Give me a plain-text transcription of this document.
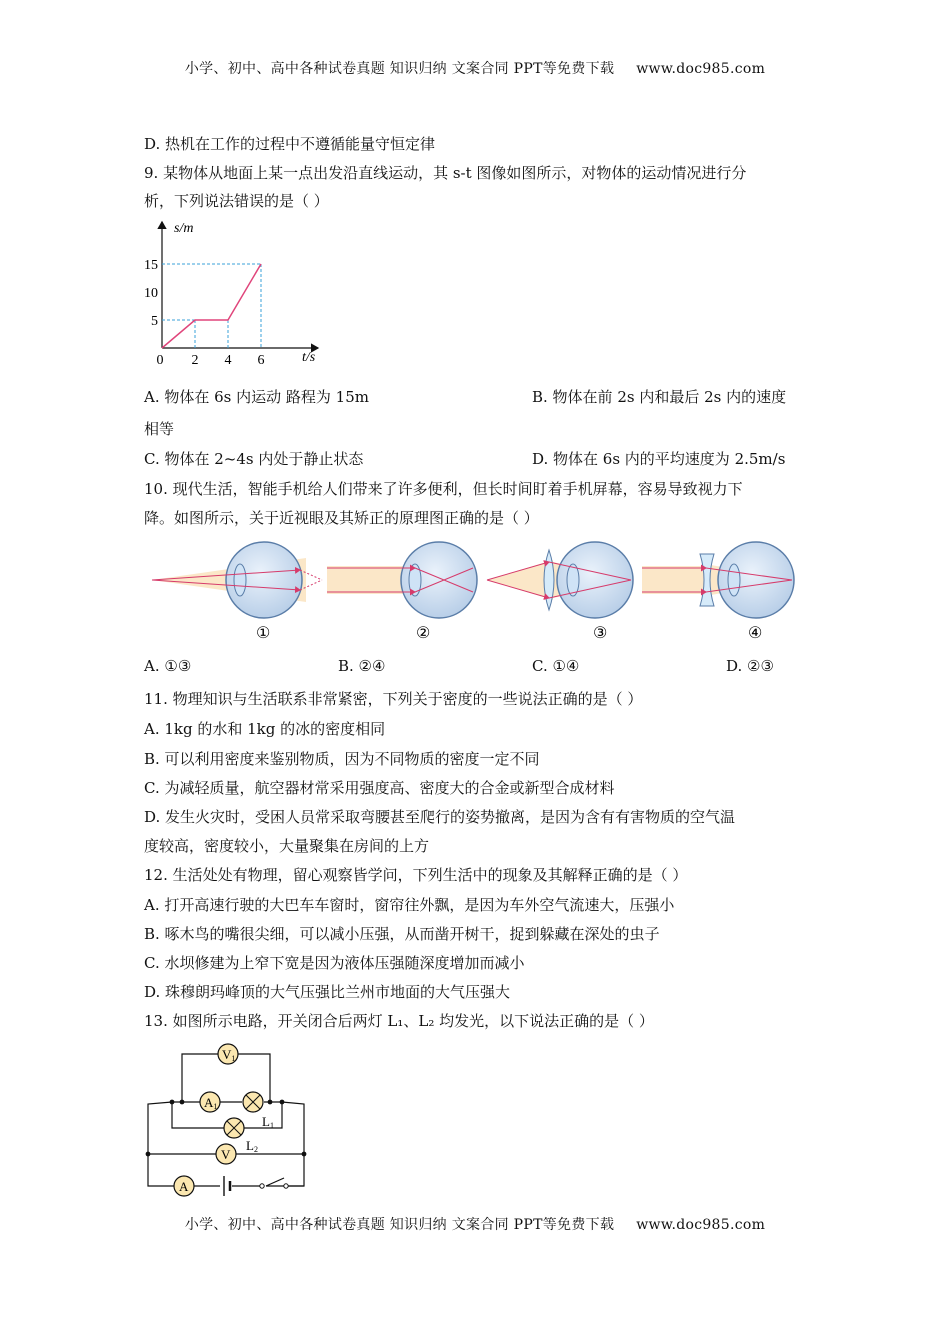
小学、初中、高中各种试卷真题 知识归纳 文案合同 PPT等免费下载 www.doc985.com
D. 热机在工作的过程中不遵循能量守恒定律
9. 某物体从地面上某一点出发沿直线运动，其 s-t 图像如图所示，对物体的运动情况进行分
析，下列说法错误的是（ ）
s/m
t/s
0 2 4 6
5
10
15
A. 物体在 6s 内运动 路程为 15m	B. 物体在前 2s 内和最后 2s 内的速度
相等
C. 物体在 2~4s 内处于静止状态	D. 物体在 6s 内的平均速度为 2.5m/s
10. 现代生活，智能手机给人们带来了许多便利，但长时间盯着手机屏幕，容易导致视力下
降。如图所示，关于近视眼及其矫正的原理图正确的是（ ）
①	②	③	④
A. ①③	B. ②④	C. ①④	D. ②③
11. 物理知识与生活联系非常紧密，下列关于密度的一些说法正确的是（ ）
A. 1kg 的水和 1kg 的冰的密度相同
B. 可以利用密度来鉴别物质，因为不同物质的密度一定不同
C. 为减轻质量，航空器材常采用强度高、密度大的合金或新型合成材料
D. 发生火灾时，受困人员常采取弯腰甚至爬行的姿势撤离，是因为含有有害物质的空气温
度较高，密度较小，大量聚集在房间的上方
12. 生活处处有物理，留心观察皆学问，下列生活中的现象及其解释正确的是（ ）
A. 打开高速行驶的大巴车车窗时，窗帘往外飘，是因为车外空气流速大，压强小
B. 啄木鸟的嘴很尖细，可以减小压强，从而凿开树干，捉到躲藏在深处的虫子
C. 水坝修建为上窄下宽是因为液体压强随深度增加而减小
D. 珠穆朗玛峰顶的大气压强比兰州市地面的大气压强大
13. 如图所示电路，开关闭合后两灯 L₁、L₂ 均发光，以下说法正确的是（ ）
V1
A1
L1
L2
V
A
小学、初中、高中各种试卷真题 知识归纳 文案合同 PPT等免费下载 www.doc985.com
